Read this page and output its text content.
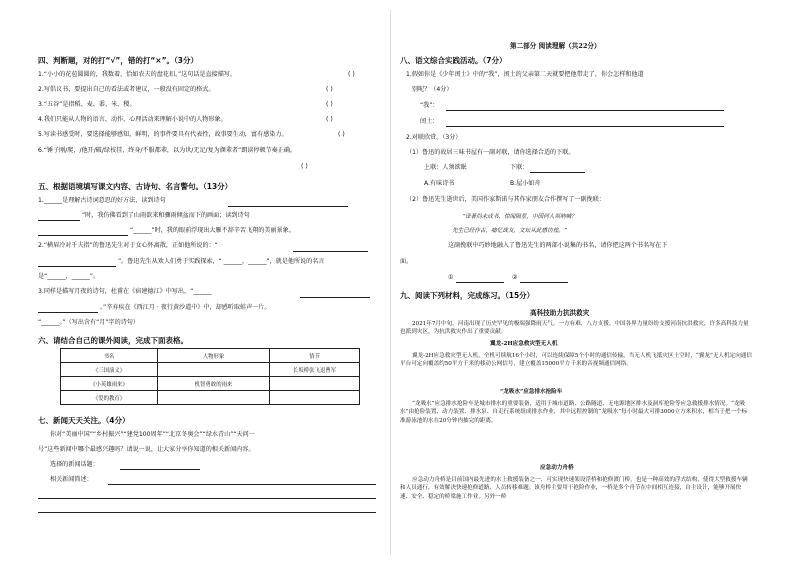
四、判断题，对的打“√”，错的打“×”。（3分）
1.“小小的花苞圆圆的，我数着，恰如农夫的盘花扣。”这句话是直接描写。	( )
2.写倡议书，要提出自己的看法或者建议，一般没有固定的格式。	( )
3.“五谷”是指稻、麦、黍、米、稷。	( )
4.我们只能从人物的语言、动作、心理活动来理解小说中的人物形象。	( )
5.写读书感受时，要选择能够感知，鲜明，的事件要具有代表性，故事要生动，富有感染力。	( )
6.“锤子刚/爬，/他开/破/绿枝挂，终身/不服都辈，以为世/无足/复为颜辈者”朗读停顿节奏正确。
( )
五、根据语境填写课文内容、古诗句、名言警句。（13分）
1.______是理解古诗词意思的好方法，读到诗句
”时，我仿佛看到了山雨欲来和骤雨倾盆而下的画面；读到诗句
“______”时，我的眼前浮现出大雁不辞辛苦飞翔的美丽景象。
2.“横眉冷对千夫指”的鲁迅先生对于女心怀离散，正如他所说的：“
”。鲁迅先生从欢人们勇于实践探索，“ ______，______”，就是他所说的名言
是“______，______”。
3.同样是描写月夜的诗句，杜甫在《宿建德江》中写出，“______
。”辛弃疾在《西江月 · 夜行黄沙道中》中，却感听取蛙声一片。
“______。”（写出含有“月”字的诗句）
六、请结合自己的课外阅读，完成下面表格。
书名	人物形象	情节
《三国演义》		长坂桥张飞退曹军
《小英雄雨来》	机智勇敢的雨来	
《爱的教育》		
七、新闻天天关注。（4分）
你对“美丽中国”“乡村振兴”“建党100周年”“北京冬奥会”“绿水青山”“天问一
号”这些新闻中哪个最感兴趣吗？请说一说，让大家分享你知道的相关新闻内容。
选择的新闻话题：
相关新闻简述：
第二部分 阅读理解（共22分）
八、语文综合实践活动。（7分）
1.假如你是《少年闰土》中的“我”，闰土的父亲第二天就要把他带走了，你会怎样和他道
别呢？（4分）
“我”：
闰土：
2.对联欣赏。（3分）
（1）鲁迅的故居三味书屋有一副对联，请你选择合适的下联。
上联：人须欲眠	下联：
A.有味诗书	B.屋小如舟
（2）鲁迅先生逝世后，美国作家斯诺与其作家朋友合作撰写了一副挽联：
“译著尚未成书，惊闻陨星，中国何人领呐喊？
先生已经作古，痛忆战友，文坛从此感彷徨。”
这副挽联中巧妙地融入了鲁迅先生的两部小说集的书名，请你把这两个书名写在下
面。
①	②
九、阅读下列材料，完成练习。（15分）
高科技助力抗洪救灾
2021年7月中旬，河南出现了历史罕见的极端强降雨天气。一方有难，八方支援。中国各界力量纷纷支援河南抗洪救灾，许多高科技力量也派到灾区，为抗洪救灾作出了重要贡献。
翼龙-2H应急救灾型无人机
翼龙-2H应急救灾型无人机，全机可续航16个小时，可以连续保障5个小时的通信传输。当无人机飞抵灾区上空时，“翼龙”无人机定向通信平台可定向覆盖约50平方千米的移动公网信号，建立覆盖15000平方千米的音视频通信网络。
“龙吸水”应急排水抢险车
“龙吸水”应急排水抢险车是城市排水的重要装备，适用于城市道路、公路隧道、无电源地区排水及洞库抢险等应急救援排水情况。“龙吸水”由抢险装置、动力装置、排水泵、自走行系统组成排水作业，其中远程控制的“龙吸水”每小时最大可排3000立方米积水，相当于把一个标准游泳池的水在20分钟内抽完的距离。
应急动力舟桥
应急动力舟桥是目前国内最先进的水上救援装备之一，可实现快速架设浮桥和抢修渡门桥，也是一种高效的浮式结构，使得大型救援车辆和人员通行，有效解决快速抢修道路、人员转移难题。该舟桥主要用于抢险作业，一桥是多个舟节在中间相互连接，自主设计，能够开展快速、安全、稳定的桥梁施工作业。另外一桥
